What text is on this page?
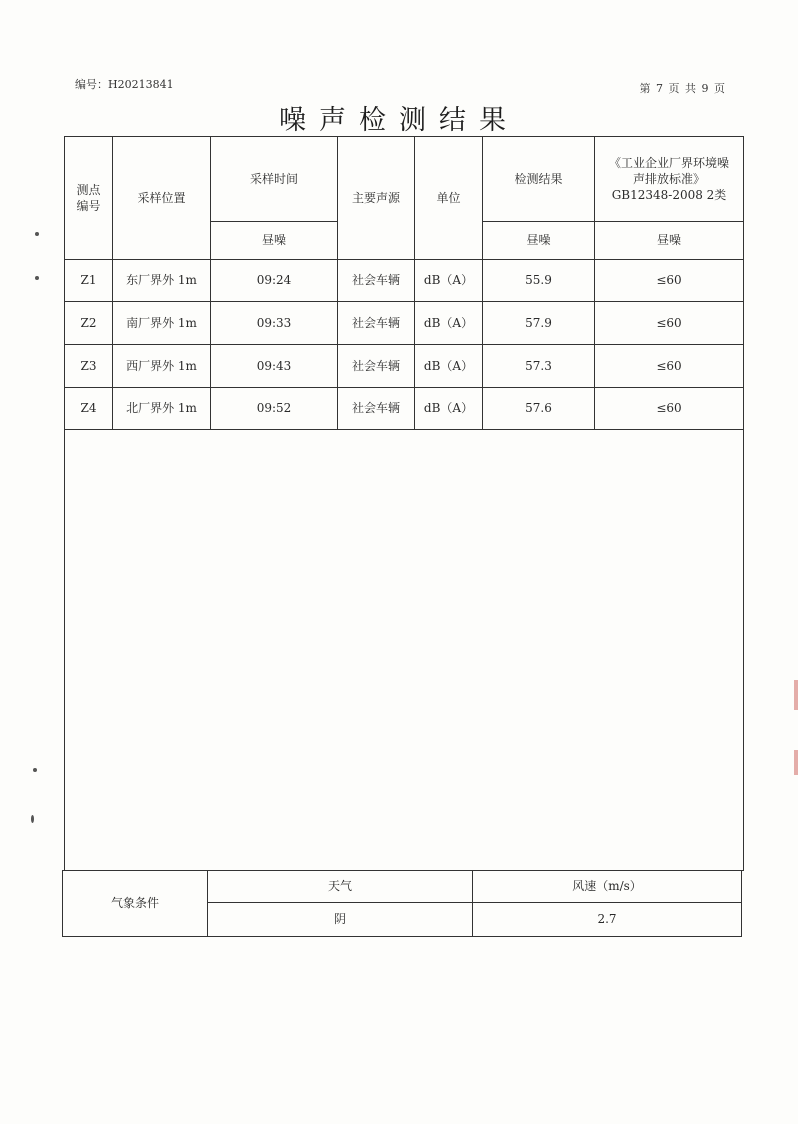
编号：H20213841	第 7 页 共 9 页
噪声检测结果
测点编号	采样位置	采样时间	主要声源	单位	检测结果	《工业企业厂界环境噪声排放标准》GB12348-2008 2类
		昼噪			昼噪	昼噪
Z1	东厂界外 1m	09:24	社会车辆	dB（A）	55.9	≤60
Z2	南厂界外 1m	09:33	社会车辆	dB（A）	57.9	≤60
Z3	西厂界外 1m	09:43	社会车辆	dB（A）	57.3	≤60
Z4	北厂界外 1m	09:52	社会车辆	dB（A）	57.6	≤60

气象条件	天气	风速（m/s）
	阴	2.7
